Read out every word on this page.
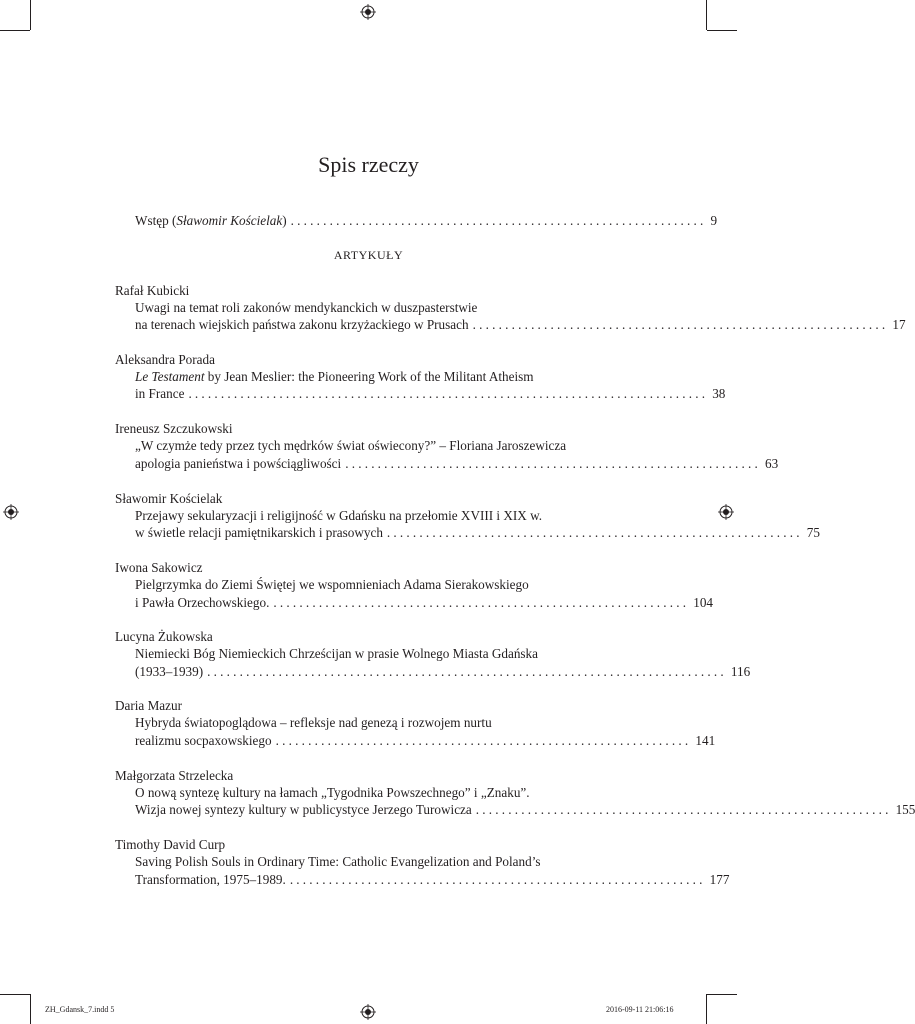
Spis rzeczy
Wstęp (Sławomir Kościelak) ................................................................ 9
ARTYKUŁY
Rafał Kubicki
Uwagi na temat roli zakonów mendykanckich w duszpasterstwie
na terenach wiejskich państwa zakonu krzyżackiego w Prusach ................................................................ 17
Aleksandra Porada
Le Testament by Jean Meslier: the Pioneering Work of the Militant Atheism
in France ................................................................................ 38
Ireneusz Szczukowski
„W czymże tedy przez tych mędrków świat oświecony?” – Floriana Jaroszewicza
apologia panieństwa i powściągliwości ................................................................ 63
Sławomir Kościelak
Przejawy sekularyzacji i religijność w Gdańsku na przełomie XVIII i XIX w.
w świetle relacji pamiętnikarskich i prasowych ................................................................ 75
Iwona Sakowicz
Pielgrzymka do Ziemi Świętej we wspomnieniach Adama Sierakowskiego
i Pawła Orzechowskiego. ................................................................ 104
Lucyna Żukowska
Niemiecki Bóg Niemieckich Chrześcijan w prasie Wolnego Miasta Gdańska
(1933–1939) ................................................................................ 116
Daria Mazur
Hybryda światopoglądowa – refleksje nad genezą i rozwojem nurtu
realizmu socpaxowskiego ................................................................ 141
Małgorzata Strzelecka
O nową syntezę kultury na łamach „Tygodnika Powszechnego” i „Znaku”.
Wizja nowej syntezy kultury w publicystyce Jerzego Turowicza ................................................................ 155
Timothy David Curp
Saving Polish Souls in Ordinary Time: Catholic Evangelization and Poland’s
Transformation, 1975–1989. ................................................................ 177
ZH_Gdansk_7.indd 5	2016-09-11 21:06:16
